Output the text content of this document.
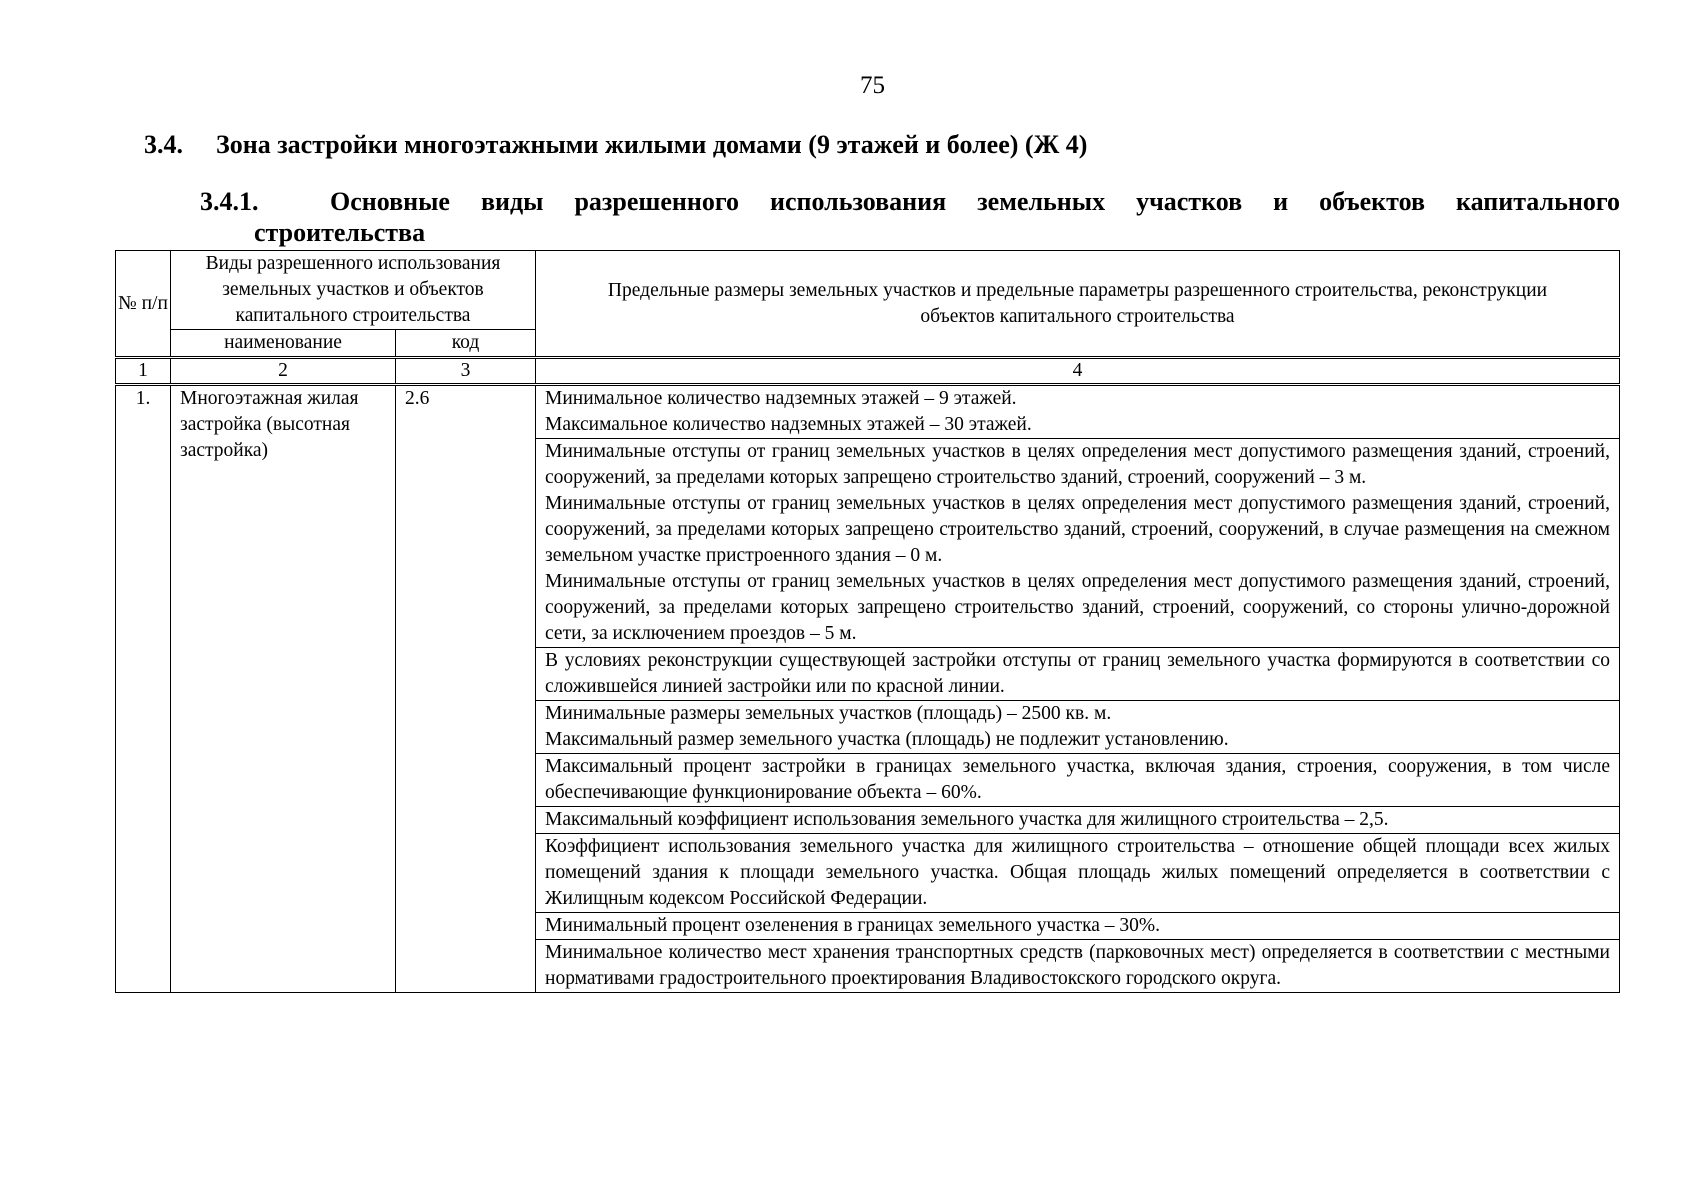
75
3.4. Зона застройки многоэтажными жилыми домами (9 этажей и более) (Ж 4)
3.4.1.	Основные виды разрешенного использования земельных участков и объектов капитального
строительства
№ п/п	Виды разрешенного использования земельных участков и объектов капитального строительства		Предельные размеры земельных участков и предельные параметры разрешенного строительства, реконструкции объектов капитального строительства
	наименование	код	
1	2	3	4
1.	Многоэтажная жилая застройка (высотная застройка)	2.6	Минимальное количество надземных этажей – 9 этажей.

Максимальное количество надземных этажей – 30 этажей.

			Минимальные отступы от границ земельных участков в целях определения мест допустимого размещения зданий, строений, сооружений, за пределами которых запрещено строительство зданий, строений, сооружений – 3 м.

Минимальные отступы от границ земельных участков в целях определения мест допустимого размещения зданий, строений, сооружений, за пределами которых запрещено строительство зданий, строений, сооружений, в случае размещения на смежном земельном участке пристроенного здания – 0 м.

Минимальные отступы от границ земельных участков в целях определения мест допустимого размещения зданий, строений, сооружений, за пределами которых запрещено строительство зданий, строений, сооружений, со стороны улично-дорожной сети, за исключением проездов – 5 м.

			В условиях реконструкции существующей застройки отступы от границ земельного участка формируются в соответствии со сложившейся линией застройки или по красной линии.

			Минимальные размеры земельных участков (площадь) – 2500 кв. м.

Максимальный размер земельного участка (площадь) не подлежит установлению.

			Максимальный процент застройки в границах земельного участка, включая здания, строения, сооружения, в том числе обеспечивающие функционирование объекта – 60%.

			Максимальный коэффициент использования земельного участка для жилищного строительства – 2,5.

			Коэффициент использования земельного участка для жилищного строительства – отношение общей площади всех жилых помещений здания к площади земельного участка. Общая площадь жилых помещений определяется в соответствии с Жилищным кодексом Российской Федерации.

			Минимальный процент озеленения в границах земельного участка – 30%.

			Минимальное количество мест хранения транспортных средств (парковочных мест) определяется в соответствии с местными нормативами градостроительного проектирования Владивостокского городского округа.
